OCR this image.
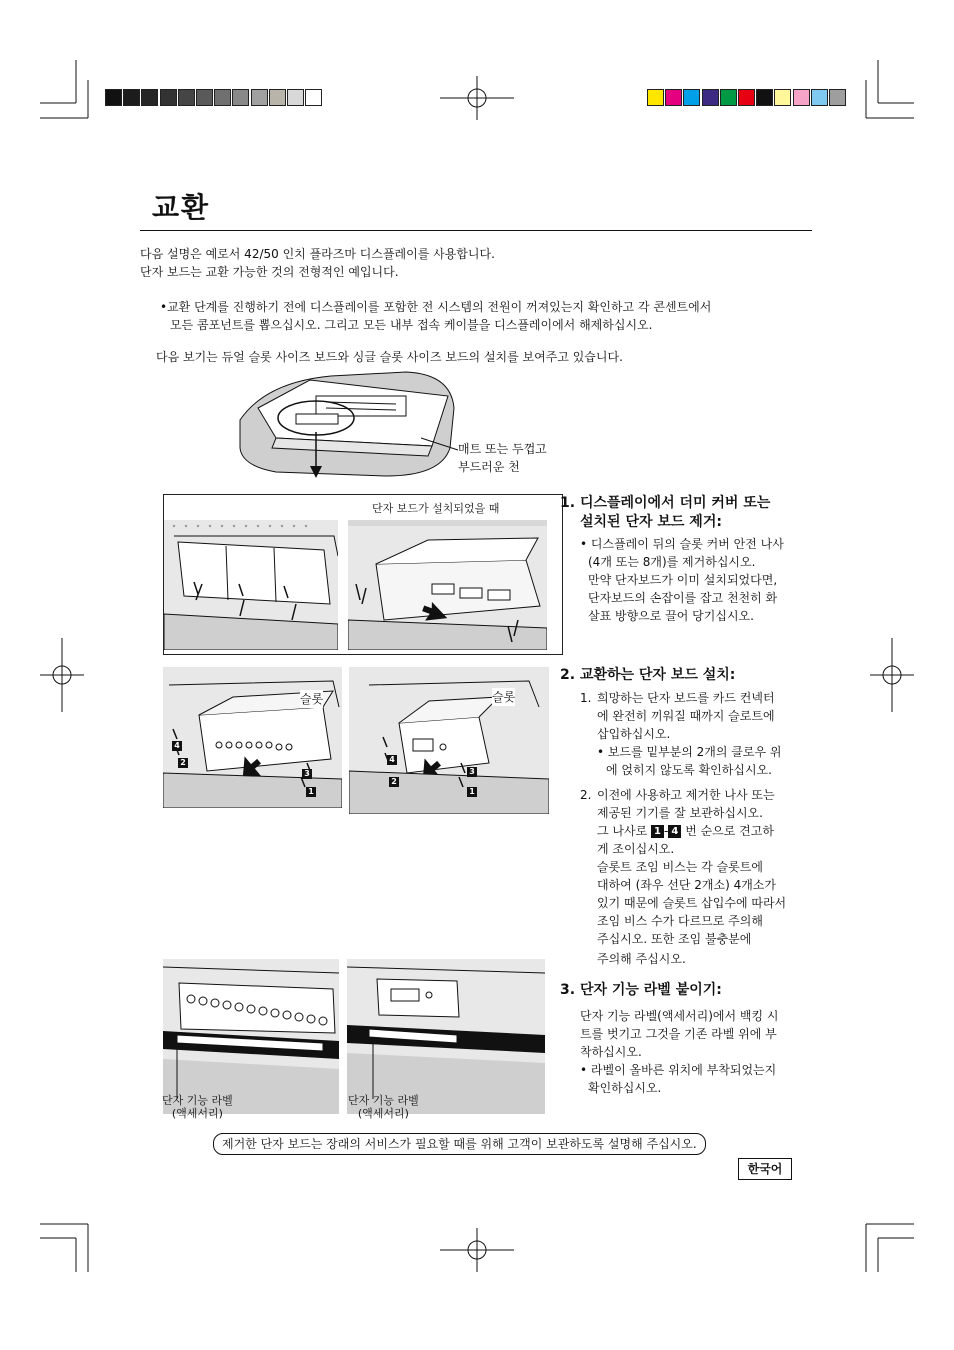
교환
다음 설명은 예로서 42/50 인치 플라즈마 디스플레이를 사용합니다.
단자 보드는 교환 가능한 것의 전형적인 예입니다.
•교환 단계를 진행하기 전에 디스플레이를 포함한 전 시스템의 전원이 꺼져있는지 확인하고 각 콘센트에서
모든 콤포넌트를 뽑으십시오. 그리고 모든 내부 접속 케이블을 디스플레이에서 해제하십시오.
다음 보기는 듀얼 슬롯 사이즈 보드와 싱글 슬롯 사이즈 보드의 설치를 보여주고 있습니다.
매트 또는 두껍고
부드러운 천
단자 보드가 설치되었을 때	1. 디스플레이에서 더미 커버 또는
설치된 단자 보드 제거:
• 디스플레이 뒤의 슬롯 커버 안전 나사
(4개 또는 8개)를 제거하십시오.
만약 단자보드가 이미 설치되었다면,
단자보드의 손잡이를 잡고 천천히 화
살표 방향으로 끌어 당기십시오.
슬롯
4
2
3
1
슬롯
4
2
3
1
2. 교환하는 단자 보드 설치:
1. 희망하는 단자 보드를 카드 컨넥터
에 완전히 끼워질 때까지 슬로트에
삽입하십시오.
• 보드를 밑부분의 2개의 클로우 위
에 얹히지 않도록 확인하십시오.
2. 이전에 사용하고 제거한 나사 또는
제공된 기기를 잘 보관하십시오.
그 나사로 1 - 4 번 순으로 견고하
게 조이십시오.
슬롯트 조임 비스는 각 슬롯트에
대하여 (좌우 선단 2개소) 4개소가
있기 때문에 슬롯트 삽입수에 따라서
조임 비스 수가 다르므로 주의해
주십시오. 또한 조임 불충분에
주의해 주십시오.
단자 기능 라벨
(액세서리)
단자 기능 라벨
(액세서리)
3. 단자 기능 라벨 붙이기:
단자 기능 라벨(액세서리)에서 백킹 시
트를 벗기고 그것을 기존 라벨 위에 부
착하십시오.
• 라벨이 올바른 위치에 부착되었는지
확인하십시오.
제거한 단자 보드는 장래의 서비스가 필요할 때를 위해 고객이 보관하도록 설명해 주십시오.
한국어
